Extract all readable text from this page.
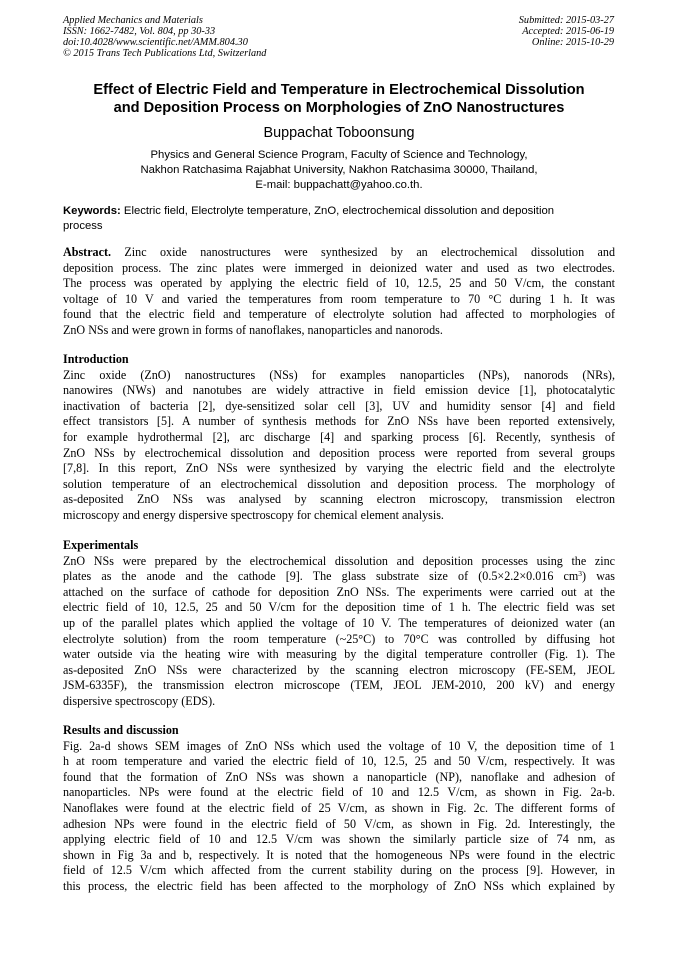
Applied Mechanics and Materials
ISSN: 1662-7482, Vol. 804, pp 30-33
doi:10.4028/www.scientific.net/AMM.804.30
© 2015 Trans Tech Publications Ltd, Switzerland
Submitted: 2015-03-27
Accepted: 2015-06-19
Online: 2015-10-29
Effect of Electric Field and Temperature in Electrochemical Dissolution
and Deposition Process on Morphologies of ZnO Nanostructures
Buppachat Toboonsung
Physics and General Science Program, Faculty of Science and Technology,
Nakhon Ratchasima Rajabhat University, Nakhon Ratchasima 30000, Thailand,
E-mail: buppachatt@yahoo.co.th.
Keywords: Electric field, Electrolyte temperature, ZnO, electrochemical dissolution and deposition
process
Abstract. Zinc oxide nanostructures were synthesized by an electrochemical dissolution and
deposition process. The zinc plates were immerged in deionized water and used as two electrodes.
The process was operated by applying the electric field of 10, 12.5, 25 and 50 V/cm, the constant
voltage of 10 V and varied the temperatures from room temperature to 70 °C during 1 h. It was
found that the electric field and temperature of electrolyte solution had affected to morphologies of
ZnO NSs and were grown in forms of nanoflakes, nanoparticles and nanorods.
Introduction
Zinc oxide (ZnO) nanostructures (NSs) for examples nanoparticles (NPs), nanorods (NRs),
nanowires (NWs) and nanotubes are widely attractive in field emission device [1], photocatalytic
inactivation of bacteria [2], dye-sensitized solar cell [3], UV and humidity sensor [4] and field
effect transistors [5]. A number of synthesis methods for ZnO NSs have been reported extensively,
for example hydrothermal [2], arc discharge [4] and sparking process [6]. Recently, synthesis of
ZnO NSs by electrochemical dissolution and deposition process were reported from several groups
[7,8]. In this report, ZnO NSs were synthesized by varying the electric field and the electrolyte
solution temperature of an electrochemical dissolution and deposition process. The morphology of
as-deposited ZnO NSs was analysed by scanning electron microscopy, transmission electron
microscopy and energy dispersive spectroscopy for chemical element analysis.
Experimentals
ZnO NSs were prepared by the electrochemical dissolution and deposition processes using the zinc
plates as the anode and the cathode [9]. The glass substrate size of (0.5×2.2×0.016 $cm^3$) was
attached on the surface of cathode for deposition ZnO NSs. The experiments were carried out at the
electric field of 10, 12.5, 25 and 50 V/cm for the deposition time of 1 h. The electric field was set
up of the parallel plates which applied the voltage of 10 V. The temperatures of deionized water (an
electrolyte solution) from the room temperature (~25°C) to 70°C was controlled by diffusing hot
water outside via the heating wire with measuring by the digital temperature controller (Fig. 1). The
as-deposited ZnO NSs were characterized by the scanning electron microscopy (FE-SEM, JEOL
JSM-6335F), the transmission electron microscope (TEM, JEOL JEM-2010, 200 kV) and energy
dispersive spectroscopy (EDS).
Results and discussion
Fig. 2a-d shows SEM images of ZnO NSs which used the voltage of 10 V, the deposition time of 1
h at room temperature and varied the electric field of 10, 12.5, 25 and 50 V/cm, respectively. It was
found that the formation of ZnO NSs was shown a nanoparticle (NP), nanoflake and adhesion of
nanoparticles. NPs were found at the electric field of 10 and 12.5 V/cm, as shown in Fig. 2a-b.
Nanoflakes were found at the electric field of 25 V/cm, as shown in Fig. 2c. The different forms of
adhesion NPs were found in the electric field of 50 V/cm, as shown in Fig. 2d. Interestingly, the
applying electric field of 10 and 12.5 V/cm was shown the similarly particle size of 74 nm, as
shown in Fig 3a and b, respectively. It is noted that the homogeneous NPs were found in the electric
field of 12.5 V/cm which affected from the current stability during on the process [9]. However, in
this process, the electric field has been affected to the morphology of ZnO NSs which explained by
